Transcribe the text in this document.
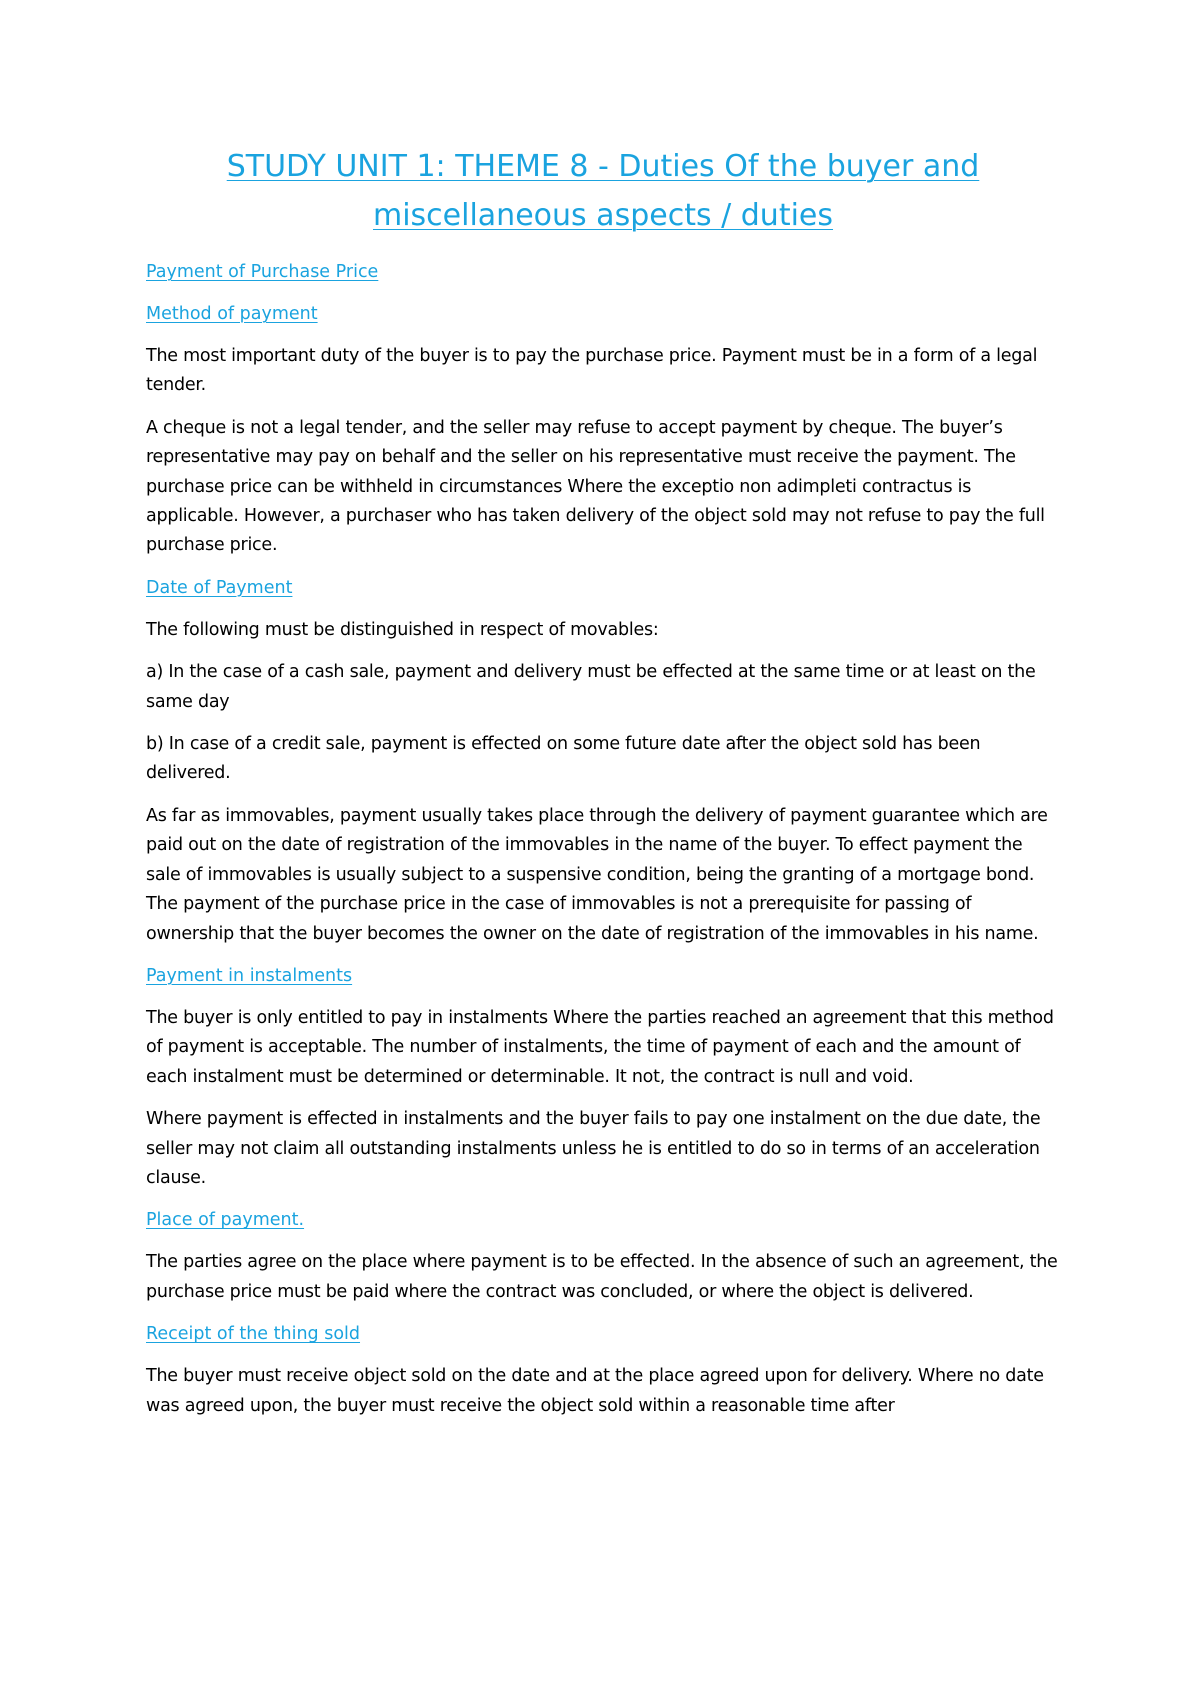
STUDY UNIT 1: THEME 8 - Duties Of the buyer and
miscellaneous aspects / duties
Payment of Purchase Price
Method of payment

The most important duty of the buyer is to pay the purchase price. Payment must be in a form of a legal tender.

A cheque is not a legal tender, and the seller may refuse to accept payment by cheque. The buyer’s representative may pay on behalf and the seller on his representative must receive the payment. The purchase price can be withheld in circumstances Where the exceptio non adimpleti contractus is applicable. However, a purchaser who has taken delivery of the object sold may not refuse to pay the full purchase price.

Date of Payment

The following must be distinguished in respect of movables:

a) In the case of a cash sale, payment and delivery must be effected at the same time or at least on the same day

b) In case of a credit sale, payment is effected on some future date after the object sold has been delivered.

As far as immovables, payment usually takes place through the delivery of payment guarantee which are paid out on the date of registration of the immovables in the name of the buyer. To effect payment the sale of immovables is usually subject to a suspensive condition, being the granting of a mortgage bond. The payment of the purchase price in the case of immovables is not a prerequisite for passing of ownership that the buyer becomes the owner on the date of registration of the immovables in his name.

Payment in instalments

The buyer is only entitled to pay in instalments Where the parties reached an agreement that this method of payment is acceptable. The number of instalments, the time of payment of each and the amount of each instalment must be determined or determinable. It not, the contract is null and void.

Where payment is effected in instalments and the buyer fails to pay one instalment on the due date, the seller may not claim all outstanding instalments unless he is entitled to do so in terms of an acceleration clause.

Place of payment.

The parties agree on the place where payment is to be effected. In the absence of such an agreement, the purchase price must be paid where the contract was concluded, or where the object is delivered.

Receipt of the thing sold

The buyer must receive object sold on the date and at the place agreed upon for delivery. Where no date was agreed upon, the buyer must receive the object sold within a reasonable time after
